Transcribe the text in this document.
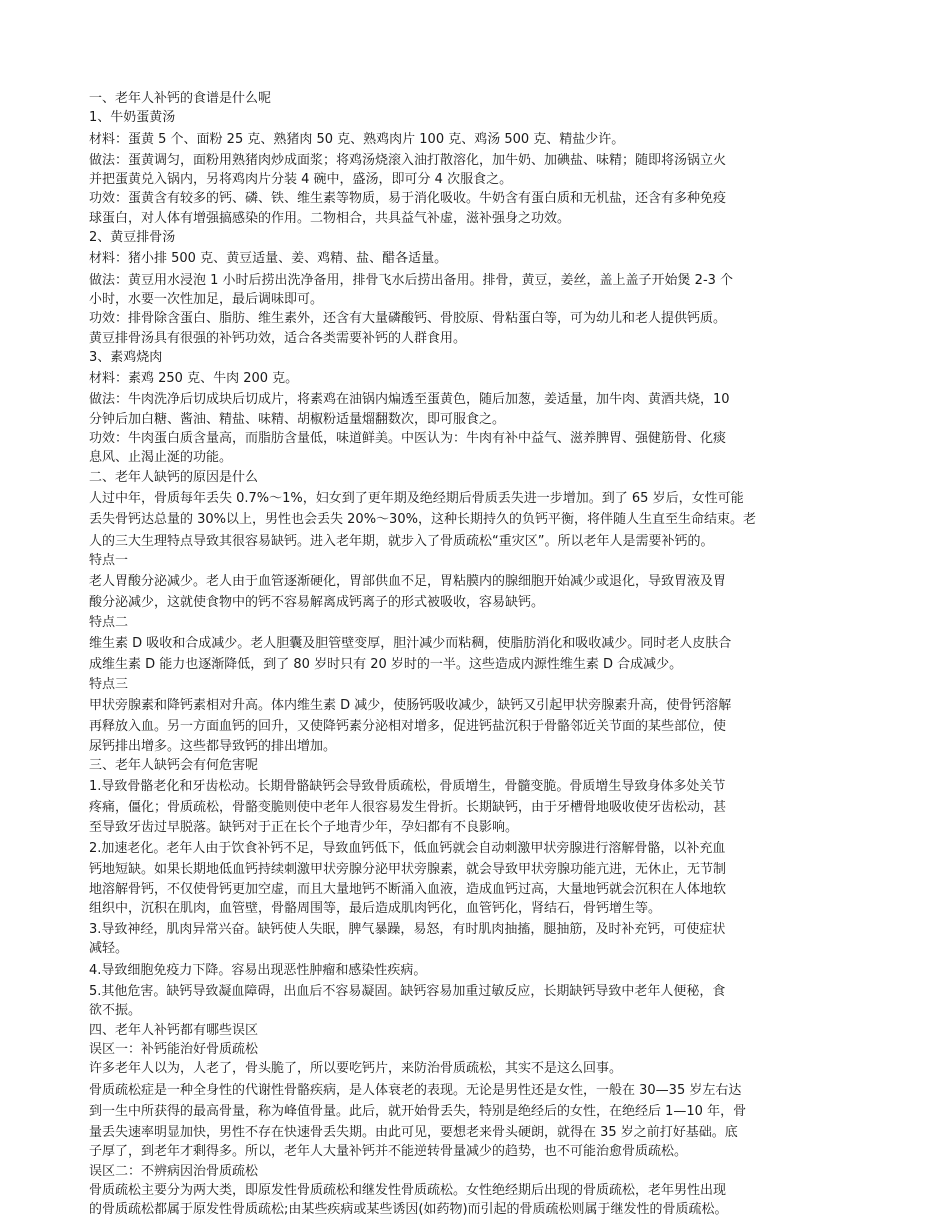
一、老年人补钙的食谱是什么呢

1、牛奶蛋黄汤

材料：蛋黄 5 个、面粉 25 克、熟猪肉 50 克、熟鸡肉片 100 克、鸡汤 500 克、精盐少许。

做法：蛋黄调匀，面粉用熟猪肉炒成面浆；将鸡汤烧滚入油打散溶化，加牛奶、加碘盐、味精；随即将汤锅立火

并把蛋黄兑入锅内，另将鸡肉片分装 4 碗中，盛汤，即可分 4 次服食之。

功效：蛋黄含有较多的钙、磷、铁、维生素等物质，易于消化吸收。牛奶含有蛋白质和无机盐，还含有多种免疫

球蛋白，对人体有增强搞感染的作用。二物相合，共具益气补虚，滋补强身之功效。

2、黄豆排骨汤

材料：猪小排 500 克、黄豆适量、姜、鸡精、盐、醋各适量。

做法：黄豆用水浸泡 1 小时后捞出洗净备用，排骨飞水后捞出备用。排骨，黄豆，姜丝，盖上盖子开始煲 2-3 个

小时，水要一次性加足，最后调味即可。

功效：排骨除含蛋白、脂肪、维生素外，还含有大量磷酸钙、骨胶原、骨粘蛋白等，可为幼儿和老人提供钙质。

黄豆排骨汤具有很强的补钙功效，适合各类需要补钙的人群食用。

3、素鸡烧肉

材料：素鸡 250 克、牛肉 200 克。

做法：牛肉洗净后切成块后切成片，将素鸡在油锅内煸透至蛋黄色，随后加葱，姜适量，加牛肉、黄酒共烧，10

分钟后加白糖、酱油、精盐、味精、胡椒粉适量熘翻数次，即可服食之。

功效：牛肉蛋白质含量高，而脂肪含量低，味道鲜美。中医认为：牛肉有补中益气、滋养脾胃、强健筋骨、化痰

息风、止渴止涎的功能。

二、老年人缺钙的原因是什么

人过中年，骨质每年丢失 0.7%～1%，妇女到了更年期及绝经期后骨质丢失进一步增加。到了 65 岁后，女性可能

丢失骨钙达总量的 30%以上，男性也会丢失 20%～30%，这种长期持久的负钙平衡，将伴随人生直至生命结束。老

人的三大生理特点导致其很容易缺钙。进入老年期，就步入了骨质疏松“重灾区”。所以老年人是需要补钙的。

特点一

老人胃酸分泌减少。老人由于血管逐渐硬化，胃部供血不足，胃粘膜内的腺细胞开始减少或退化，导致胃液及胃

酸分泌减少，这就使食物中的钙不容易解离成钙离子的形式被吸收，容易缺钙。

特点二

维生素 D 吸收和合成减少。老人胆囊及胆管壁变厚，胆汁减少而粘稠，使脂肪消化和吸收减少。同时老人皮肤合

成维生素 D 能力也逐渐降低，到了 80 岁时只有 20 岁时的一半。这些造成内源性维生素 D 合成减少。

特点三

甲状旁腺素和降钙素相对升高。体内维生素 D 减少，使肠钙吸收减少，缺钙又引起甲状旁腺素升高，使骨钙溶解

再释放入血。另一方面血钙的回升，又使降钙素分泌相对增多，促进钙盐沉积于骨骼邻近关节面的某些部位，使

尿钙排出增多。这些都导致钙的排出增加。

三、老年人缺钙会有何危害呢

1.导致骨骼老化和牙齿松动。长期骨骼缺钙会导致骨质疏松，骨质增生，骨髓变脆。骨质增生导致身体多处关节

疼痛，僵化；骨质疏松，骨骼变脆则使中老年人很容易发生骨折。长期缺钙，由于牙槽骨地吸收使牙齿松动，甚

至导致牙齿过早脱落。缺钙对于正在长个子地青少年，孕妇都有不良影响。

2.加速老化。老年人由于饮食补钙不足，导致血钙低下，低血钙就会自动刺激甲状旁腺进行溶解骨骼，以补充血

钙地短缺。如果长期地低血钙持续刺激甲状旁腺分泌甲状旁腺素，就会导致甲状旁腺功能亢进，无休止，无节制

地溶解骨钙，不仅使骨钙更加空虚，而且大量地钙不断涌入血液，造成血钙过高，大量地钙就会沉积在人体地软

组织中，沉积在肌肉，血管壁，骨骼周围等，最后造成肌肉钙化，血管钙化，肾结石，骨钙增生等。

3.导致神经，肌肉异常兴奋。缺钙使人失眠，脾气暴躁，易怒，有时肌肉抽搐，腿抽筋，及时补充钙，可使症状

减轻。

4.导致细胞免疫力下降。容易出现恶性肿瘤和感染性疾病。

5.其他危害。缺钙导致凝血障碍，出血后不容易凝固。缺钙容易加重过敏反应，长期缺钙导致中老年人便秘，食

欲不振。

四、老年人补钙都有哪些误区

误区一：补钙能治好骨质疏松

许多老年人以为，人老了，骨头脆了，所以要吃钙片，来防治骨质疏松，其实不是这么回事。

骨质疏松症是一种全身性的代谢性骨骼疾病，是人体衰老的表现。无论是男性还是女性，一般在 30—35 岁左右达

到一生中所获得的最高骨量，称为峰值骨量。此后，就开始骨丢失，特别是绝经后的女性，在绝经后 1—10 年，骨

量丢失速率明显加快，男性不存在快速骨丢失期。由此可见，要想老来骨头硬朗，就得在 35 岁之前打好基础。底

子厚了，到老年才剩得多。所以，老年人大量补钙并不能逆转骨量减少的趋势，也不可能治愈骨质疏松。

误区二：不辨病因治骨质疏松

骨质疏松主要分为两大类，即原发性骨质疏松和继发性骨质疏松。女性绝经期后出现的骨质疏松，老年男性出现

的骨质疏松都属于原发性骨质疏松;由某些疾病或某些诱因(如药物)而引起的骨质疏松则属于继发性的骨质疏松。
